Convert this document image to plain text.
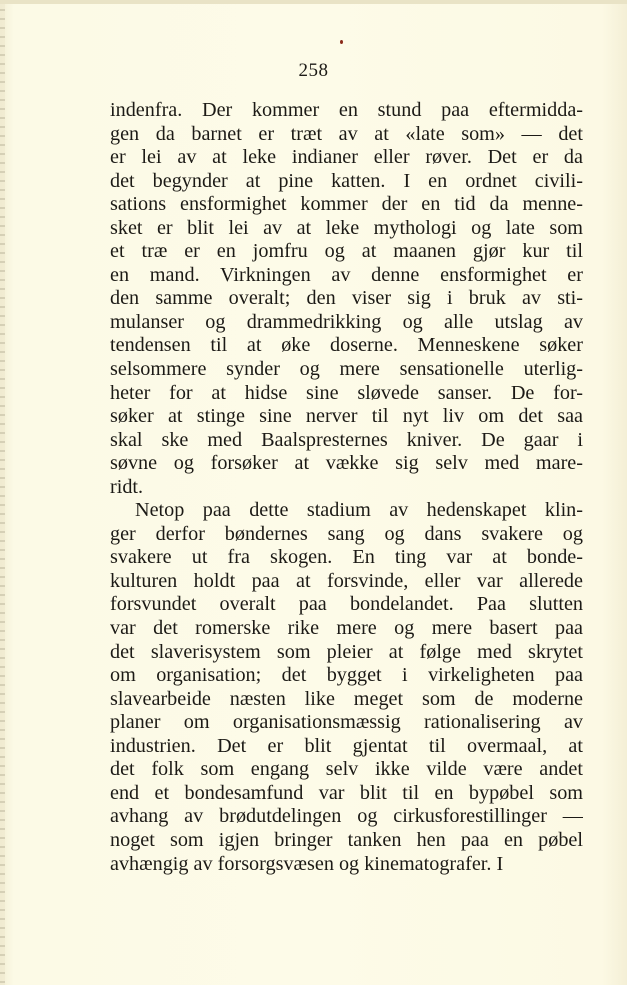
258
indenfra. Der kommer en stund paa eftermidda-
gen da barnet er træt av at «late som» — det
er lei av at leke indianer eller røver. Det er da
det begynder at pine katten. I en ordnet civili-
sations ensformighet kommer der en tid da menne-
sket er blit lei av at leke mythologi og late som
et træ er en jomfru og at maanen gjør kur til
en mand. Virkningen av denne ensformighet er
den samme overalt; den viser sig i bruk av sti-
mulanser og drammedrikking og alle utslag av
tendensen til at øke doserne. Menneskene søker
selsommere synder og mere sensationelle uterlig-
heter for at hidse sine sløvede sanser. De for-
søker at stinge sine nerver til nyt liv om det saa
skal ske med Baalspresternes kniver. De gaar i
søvne og forsøker at vække sig selv med mare-
ridt.
Netop paa dette stadium av hedenskapet klin-
ger derfor bøndernes sang og dans svakere og
svakere ut fra skogen. En ting var at bonde-
kulturen holdt paa at forsvinde, eller var allerede
forsvundet overalt paa bondelandet. Paa slutten
var det romerske rike mere og mere basert paa
det slaverisystem som pleier at følge med skrytet
om organisation; det bygget i virkeligheten paa
slavearbeide næsten like meget som de moderne
planer om organisationsmæssig rationalisering av
industrien. Det er blit gjentat til overmaal, at
det folk som engang selv ikke vilde være andet
end et bondesamfund var blit til en bypøbel som
avhang av brødutdelingen og cirkusforestillinger —
noget som igjen bringer tanken hen paa en pøbel
avhængig av forsorgsvæsen og kinematografer. I
